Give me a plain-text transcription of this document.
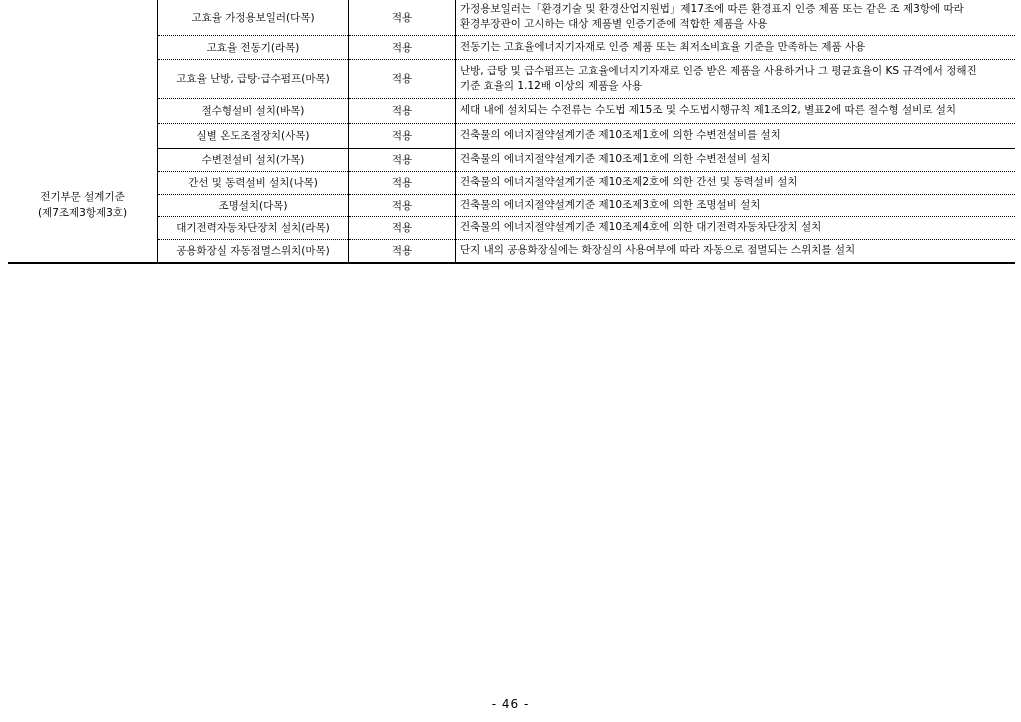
	고효율 가정용보일러(다목)	적용	가정용보일러는「환경기술 및 환경산업지원법」제17조에 따른 환경표지 인증 제품 또는 같은 조 제3항에 따라
환경부장관이 고시하는 대상 제품별 인증기준에 적합한 제품을 사용

	고효율 전동기(라목)	적용	전동기는 고효율에너지기자재로 인증 제품 또는 최저소비효율 기준을 만족하는 제품 사용
	고효율 난방, 급탕·급수펌프(마목)	적용	난방, 급탕 및 급수펌프는 고효율에너지기자재로 인증 받은 제품을 사용하거나 그 평균효율이 KS 규격에서 정해진
기준 효율의 1.12배 이상의 제품을 사용

	절수형설비 설치(바목)	적용	세대 내에 설치되는 수전류는 수도법 제15조 및 수도법시행규칙 제1조의2, 별표2에 따른 절수형 설비로 설치
	실별 온도조절장치(사목)	적용	건축물의 에너지절약설계기준 제10조제1호에 의한 수변전설비를 설치

전기부문 설계기준
(제7조제3항제3호)	수변전설비 설치(가목)	적용	건축물의 에너지절약설계기준 제10조제1호에 의한 수변전설비 설치
	간선 및 동력설비 설치(나목)	적용	건축물의 에너지절약설계기준 제10조제2호에 의한 간선 및 동력설비 설치
	조명설치(다목)	적용	건축물의 에너지절약설계기준 제10조제3호에 의한 조명설비 설치
	대기전력자동차단장치 설치(라목)	적용	건축물의 에너지절약설계기준 제10조제4호에 의한 대기전력자동차단장치 설치
	공용화장실 자동점멸스위치(마목)	적용	단지 내의 공용화장실에는 화장실의 사용여부에 따라 자동으로 점멸되는 스위치를 설치
- 46 -
